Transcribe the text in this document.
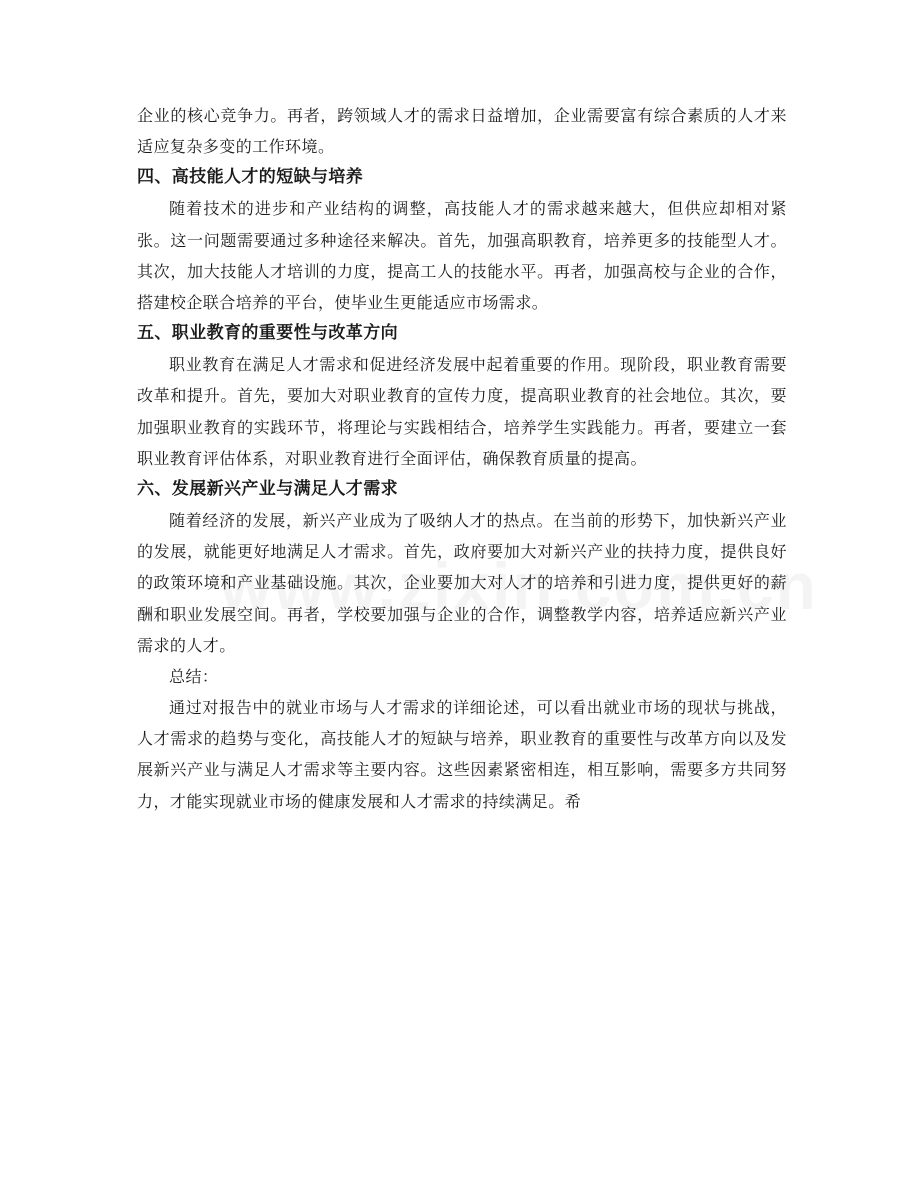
企业的核心竞争力。再者，跨领域人才的需求日益增加，企业需要富有综合素质的人才来适应复杂多变的工作环境。

四、高技能人才的短缺与培养

随着技术的进步和产业结构的调整，高技能人才的需求越来越大，但供应却相对紧张。这一问题需要通过多种途径来解决。首先，加强高职教育，培养更多的技能型人才。其次，加大技能人才培训的力度，提高工人的技能水平。再者，加强高校与企业的合作，搭建校企联合培养的平台，使毕业生更能适应市场需求。

五、职业教育的重要性与改革方向

职业教育在满足人才需求和促进经济发展中起着重要的作用。现阶段，职业教育需要改革和提升。首先，要加大对职业教育的宣传力度，提高职业教育的社会地位。其次，要加强职业教育的实践环节，将理论与实践相结合，培养学生实践能力。再者，要建立一套职业教育评估体系，对职业教育进行全面评估，确保教育质量的提高。

六、发展新兴产业与满足人才需求

随着经济的发展，新兴产业成为了吸纳人才的热点。在当前的形势下，加快新兴产业的发展，就能更好地满足人才需求。首先，政府要加大对新兴产业的扶持力度，提供良好的政策环境和产业基础设施。其次，企业要加大对人才的培养和引进力度，提供更好的薪酬和职业发展空间。再者，学校要加强与企业的合作，调整教学内容，培养适应新兴产业需求的人才。

总结：

通过对报告中的就业市场与人才需求的详细论述，可以看出就业市场的现状与挑战，人才需求的趋势与变化，高技能人才的短缺与培养，职业教育的重要性与改革方向以及发展新兴产业与满足人才需求等主要内容。这些因素紧密相连，相互影响，需要多方共同努力，才能实现就业市场的健康发展和人才需求的持续满足。希
